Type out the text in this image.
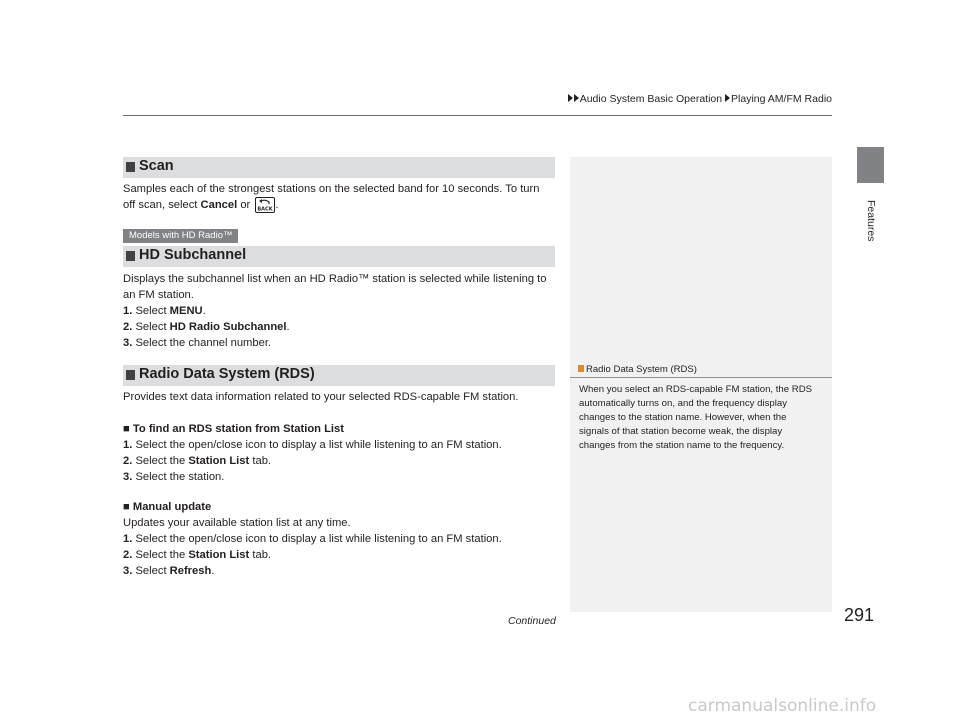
Audio System Basic Operation Playing AM/FM Radio
Features
Scan
Samples each of the strongest stations on the selected band for 10 seconds. To turn
off scan, select Cancel or BACK .
Models with HD Radio™
HD Subchannel
Displays the subchannel list when an HD Radio™ station is selected while listening to
an FM station.
1. Select MENU.
2. Select HD Radio Subchannel.
3. Select the channel number.
Radio Data System (RDS)
Provides text data information related to your selected RDS-capable FM station.
■ To find an RDS station from Station List
1. Select the open/close icon to display a list while listening to an FM station.
2. Select the Station List tab.
3. Select the station.
■ Manual update
Updates your available station list at any time.
1. Select the open/close icon to display a list while listening to an FM station.
2. Select the Station List tab.
3. Select Refresh.
Radio Data System (RDS)
When you select an RDS-capable FM station, the RDS
automatically turns on, and the frequency display
changes to the station name. However, when the
signals of that station become weak, the display
changes from the station name to the frequency.
Continued	291
carmanualsonline.info
